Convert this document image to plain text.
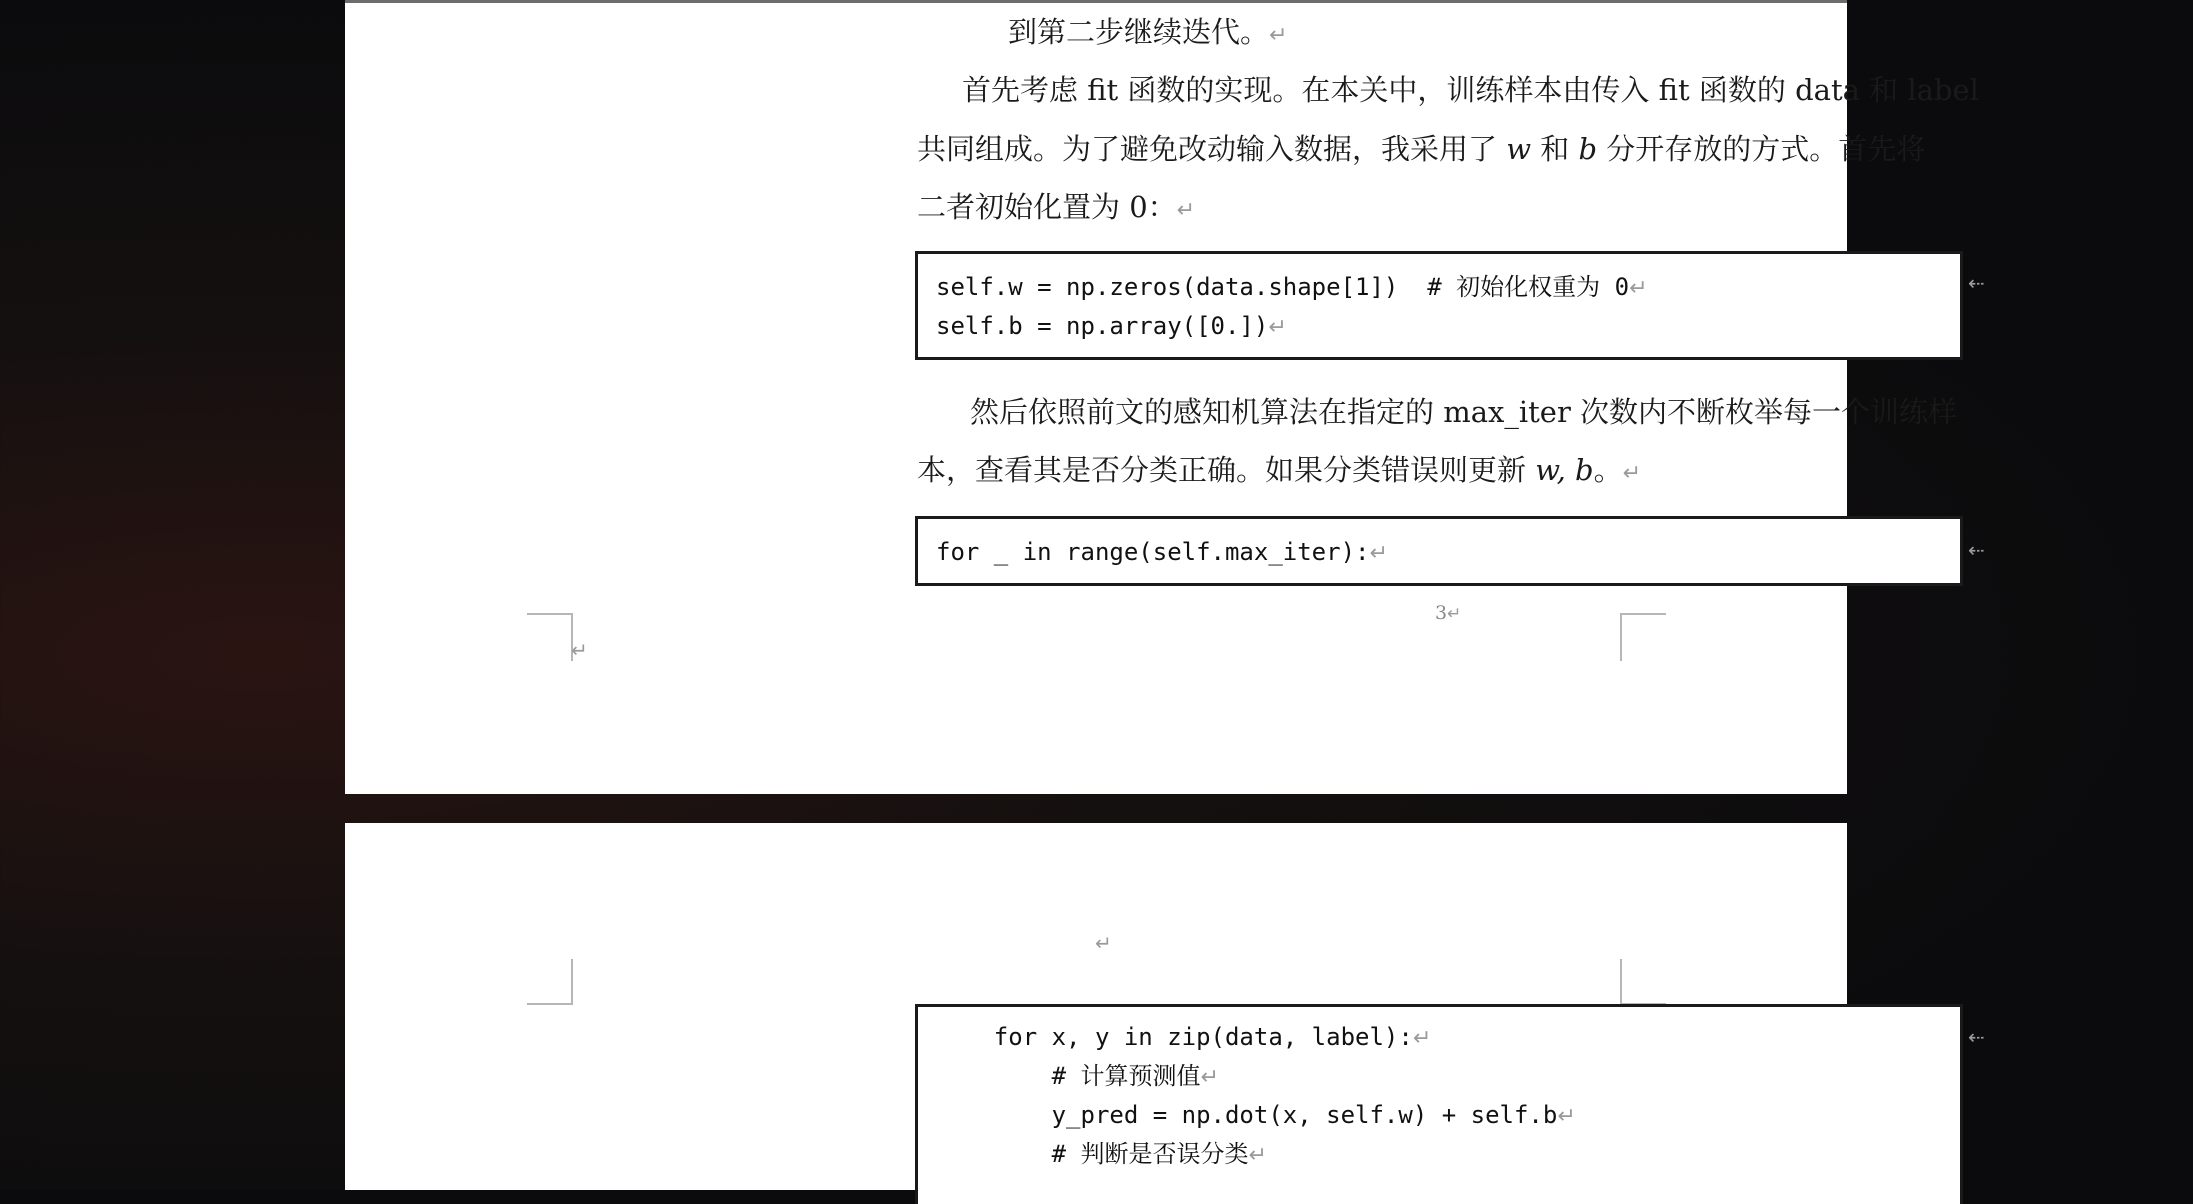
到第二步继续迭代。↵
首先考虑 fit 函数的实现。在本关中，训练样本由传入 fit 函数的 data 和 label
共同组成。为了避免改动输入数据，我采用了 w 和 b 分开存放的方式。首先将
二者初始化置为 0：↵
self.w = np.zeros(data.shape[1])  # 初始化权重为 0↵
self.b = np.array([0.])↵
⇠
然后依照前文的感知机算法在指定的 max_iter 次数内不断枚举每一个训练样
本，查看其是否分类正确。如果分类错误则更新 w, b。↵
for _ in range(self.max_iter):↵	⇠
3↵
↵
↵
for x, y in zip(data, label):↵
# 计算预测值↵
y_pred = np.dot(x, self.w) + self.b↵
# 判断是否误分类↵
⇠
